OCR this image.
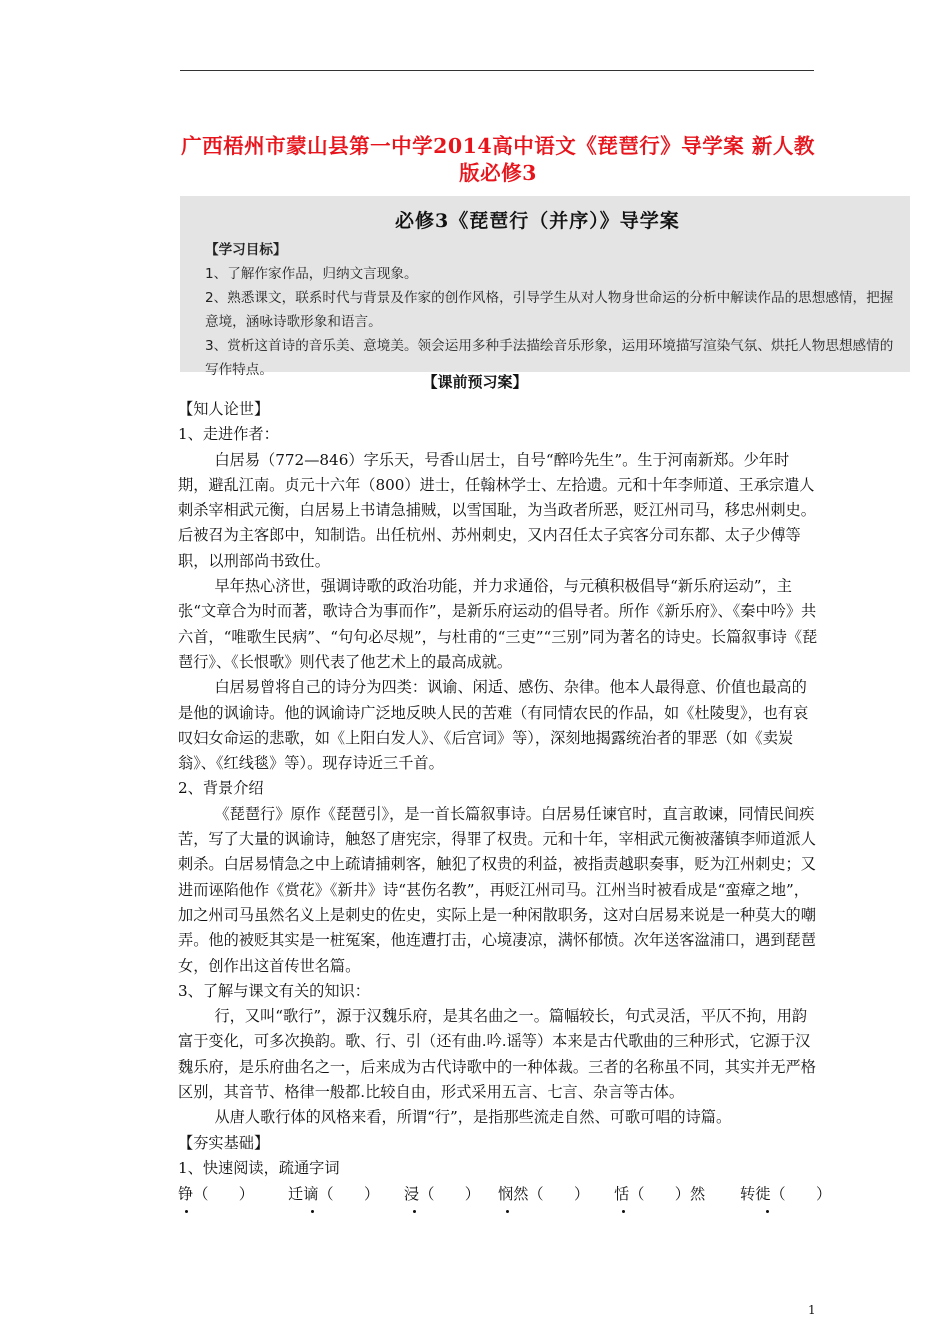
广西梧州市蒙山县第一中学2014高中语文《琵琶行》导学案 新人教版必修3
必修3《琵琶行（并序）》导学案
【学习目标】
1、了解作家作品，归纳文言现象。
2、熟悉课文，联系时代与背景及作家的创作风格，引导学生从对人物身世命运的分析中解读作品的思想感情，把握意境，涵咏诗歌形象和语言。
3、赏析这首诗的音乐美、意境美。领会运用多种手法描绘音乐形象，运用环境描写渲染气氛、烘托人物思想感情的写作特点。
【课前预习案】

【知人论世】

1、走进作者：

白居易（772—846）字乐天，号香山居士，自号“醉吟先生”。生于河南新郑。少年时期，避乱江南。贞元十六年（800）进士，任翰林学士、左拾遗。元和十年李师道、王承宗遣人刺杀宰相武元衡，白居易上书请急捕贼，以雪国耻，为当政者所恶，贬江州司马，移忠州刺史。后被召为主客郎中，知制诰。出任杭州、苏州刺史，又内召任太子宾客分司东都、太子少傅等职，以刑部尚书致仕。

早年热心济世，强调诗歌的政治功能，并力求通俗，与元稹积极倡导“新乐府运动”，主张“文章合为时而著，歌诗合为事而作”，是新乐府运动的倡导者。所作《新乐府》、《秦中吟》共六首，“唯歌生民病”、“句句必尽规”，与杜甫的“三吏”“三别”同为著名的诗史。长篇叙事诗《琵琶行》、《长恨歌》则代表了他艺术上的最高成就。

白居易曾将自己的诗分为四类：讽谕、闲适、感伤、杂律。他本人最得意、价值也最高的是他的讽谕诗。他的讽谕诗广泛地反映人民的苦难（有同情农民的作品，如《杜陵叟》，也有哀叹妇女命运的悲歌，如《上阳白发人》、《后宫词》等），深刻地揭露统治者的罪恶（如《卖炭翁》、《红线毯》等）。现存诗近三千首。

2、背景介绍

《琵琶行》原作《琵琶引》，是一首长篇叙事诗。白居易任谏官时，直言敢谏，同情民间疾苦，写了大量的讽谕诗，触怒了唐宪宗，得罪了权贵。元和十年，宰相武元衡被藩镇李师道派人刺杀。白居易情急之中上疏请捕刺客，触犯了权贵的利益，被指责越职奏事，贬为江州刺史；又进而诬陷他作《赏花》《新井》诗“甚伤名教”，再贬江州司马。江州当时被看成是“蛮瘴之地”，加之州司马虽然名义上是刺史的佐史，实际上是一种闲散职务，这对白居易来说是一种莫大的嘲弄。他的被贬其实是一桩冤案，他连遭打击，心境凄凉，满怀郁愤。次年送客湓浦口，遇到琵琶女，创作出这首传世名篇。

3、了解与课文有关的知识：

行，又叫“歌行”，源于汉魏乐府，是其名曲之一。篇幅较长，句式灵活，平仄不拘，用韵富于变化，可多次换韵。歌、行、引（还有曲.吟.谣等）本来是古代歌曲的三种形式，它源于汉魏乐府，是乐府曲名之一，后来成为古代诗歌中的一种体裁。三者的名称虽不同，其实并无严格区别，其音节、格律一般都.比较自由，形式采用五言、七言、杂言等古体。

从唐人歌行体的风格来看，所谓“行”，是指那些流走自然、可歌可唱的诗篇。

【夯实基础】

1、快速阅读，疏通字词

铮（　　） 迁谪（　　） 浸（　　） 悯然（　　） 恬（　　）然 转徙（　　）
1
